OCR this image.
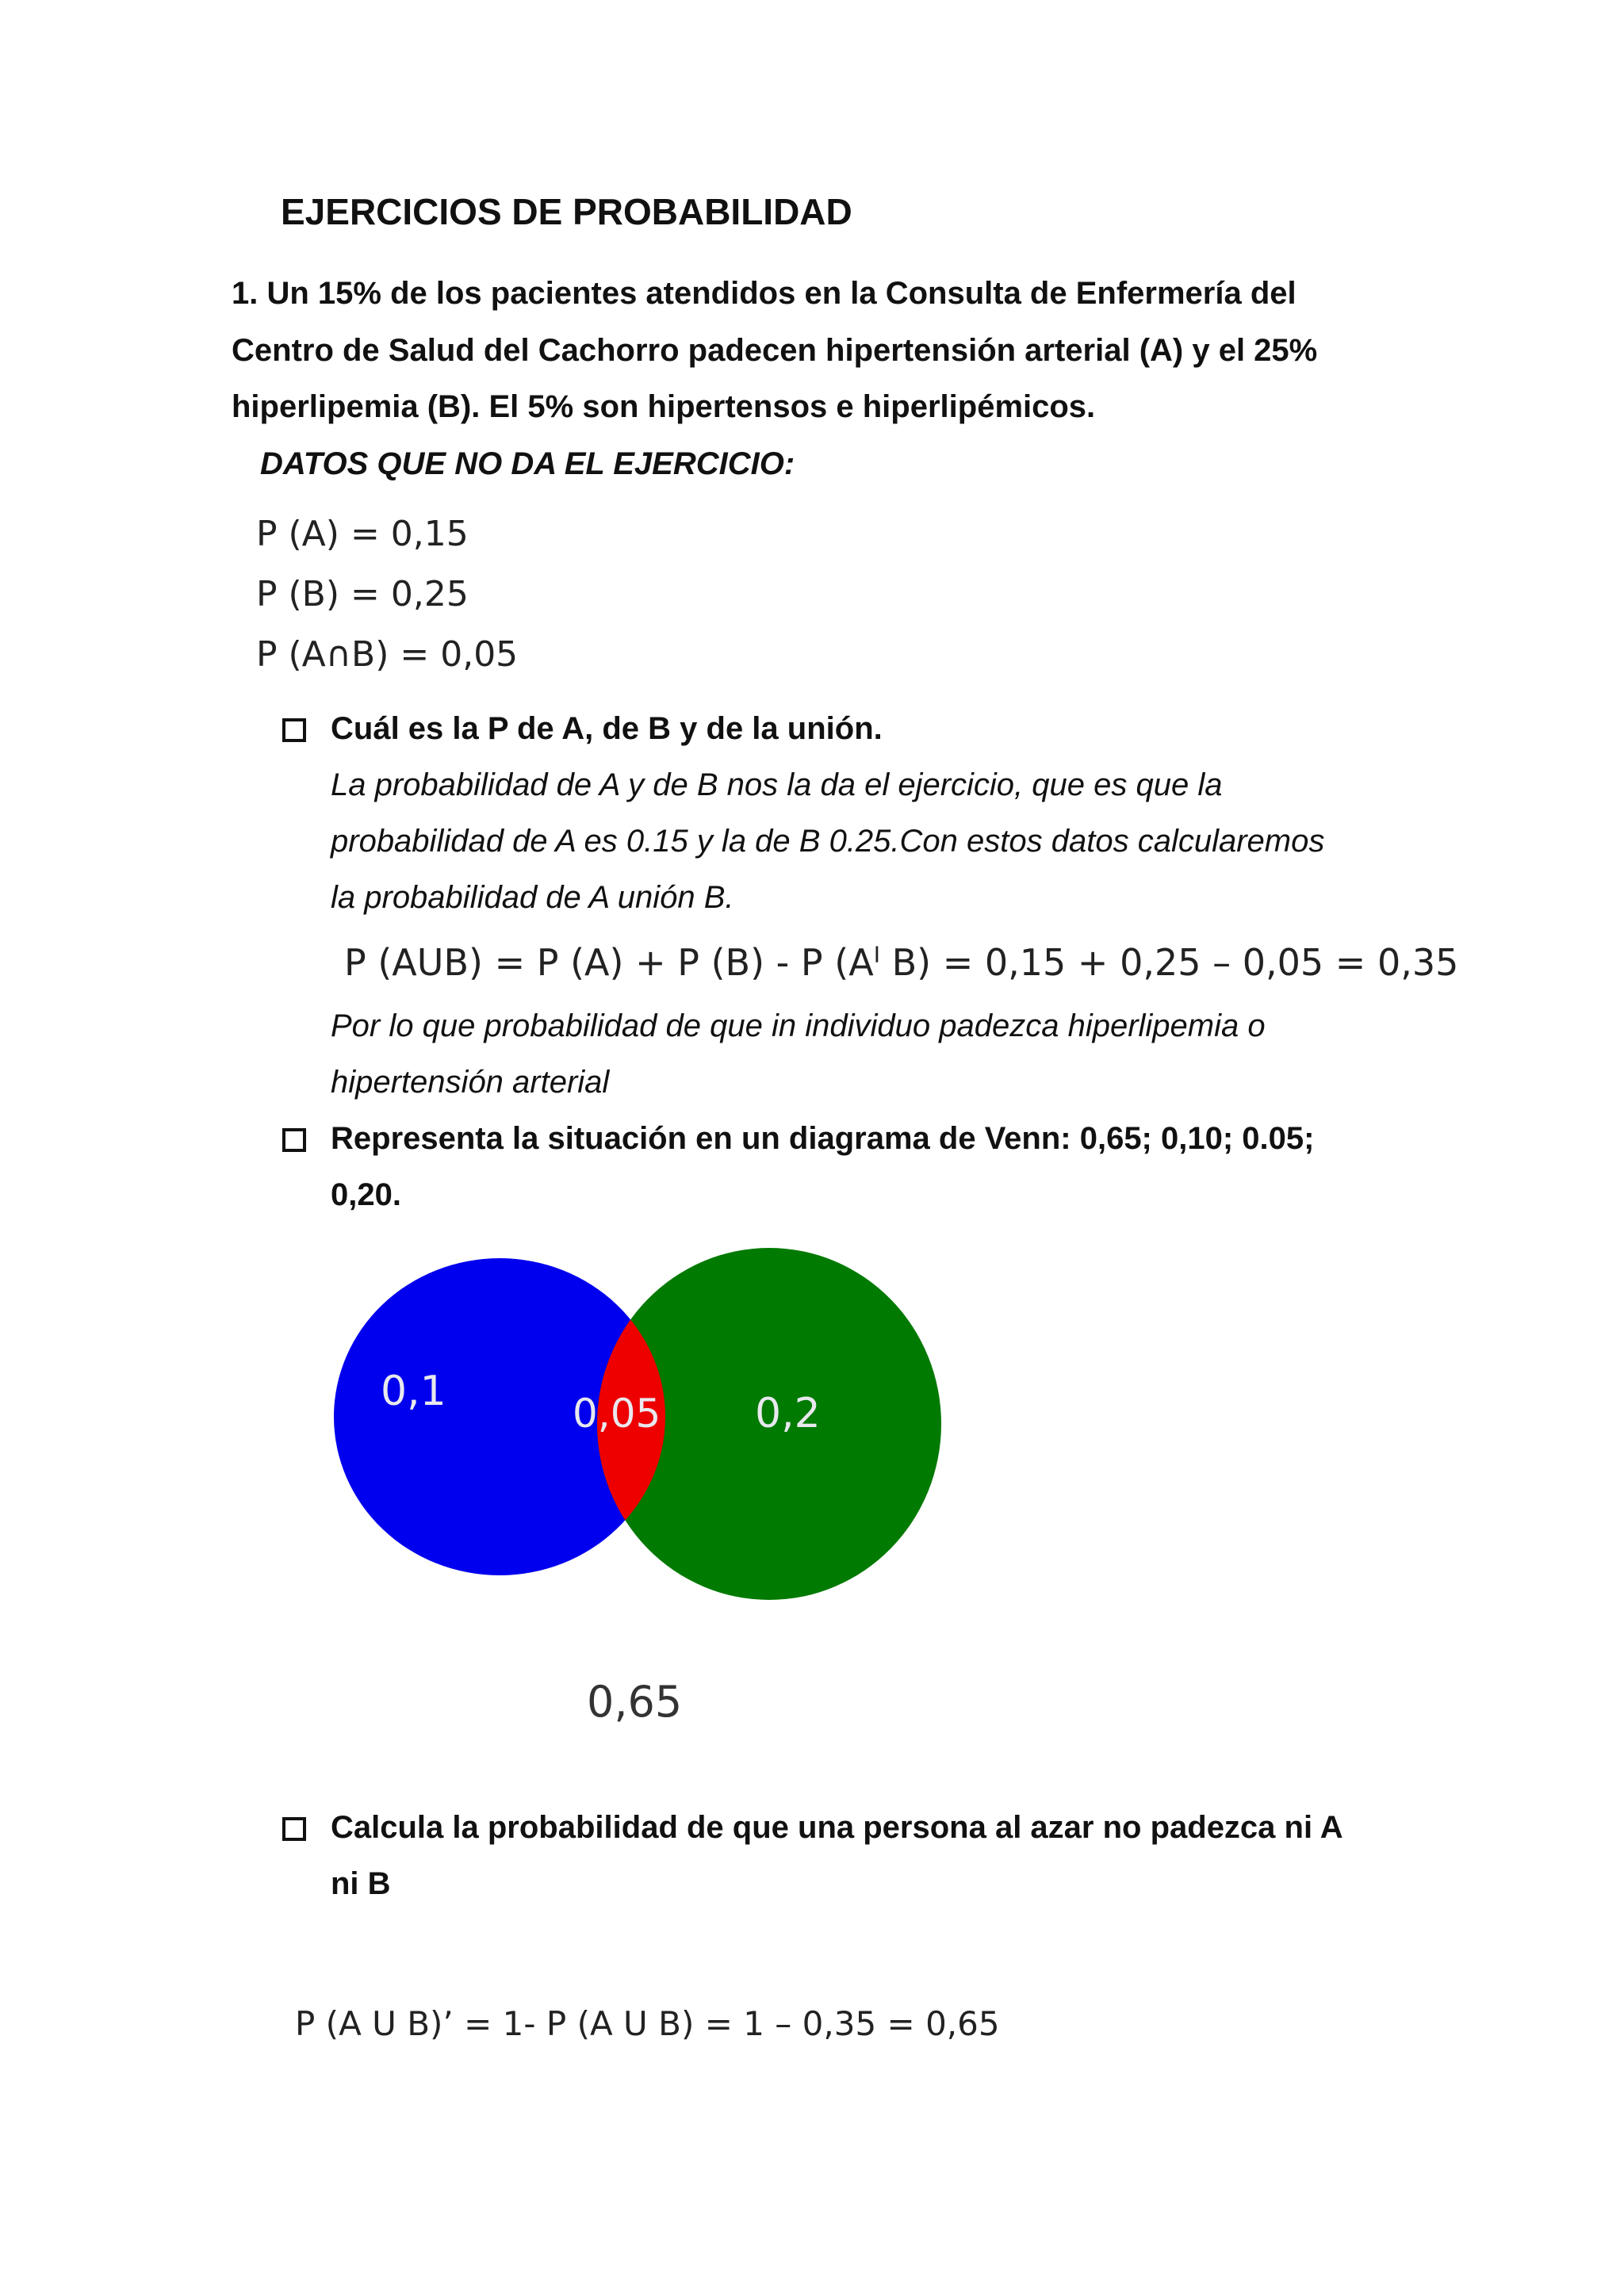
EJERCICIOS DE PROBABILIDAD
1. Un 15% de los pacientes atendidos en la Consulta de Enfermería del
Centro de Salud del Cachorro padecen hipertensión arterial (A) y el 25%
hiperlipemia (B). El 5% son hipertensos e hiperlipémicos.
DATOS QUE NO DA EL EJERCICIO:
P (A) = 0,15
P (B) = 0,25
P (A∩B) = 0,05
Cuál es la P de A, de B y de la unión.
La probabilidad de A y de B nos la da el ejercicio, que es que la
probabilidad de A es 0.15 y la de B 0.25.Con estos datos calcularemos
la probabilidad de A unión B.
P (AUB) = P (A) + P (B) - P ($A^I$ B) = 0,15 + 0,25 – 0,05 = 0,35
Por lo que probabilidad de que in individuo padezca hiperlipemia o
hipertensión arterial
Representa la situación en un diagrama de Venn: 0,65; 0,10; 0.05;
0,20.
0,1	0,05 0,2
0,65
Calcula la probabilidad de que una persona al azar no padezca ni A
ni B
P (A U B)’ = 1- P (A U B) = 1 – 0,35 = 0,65
